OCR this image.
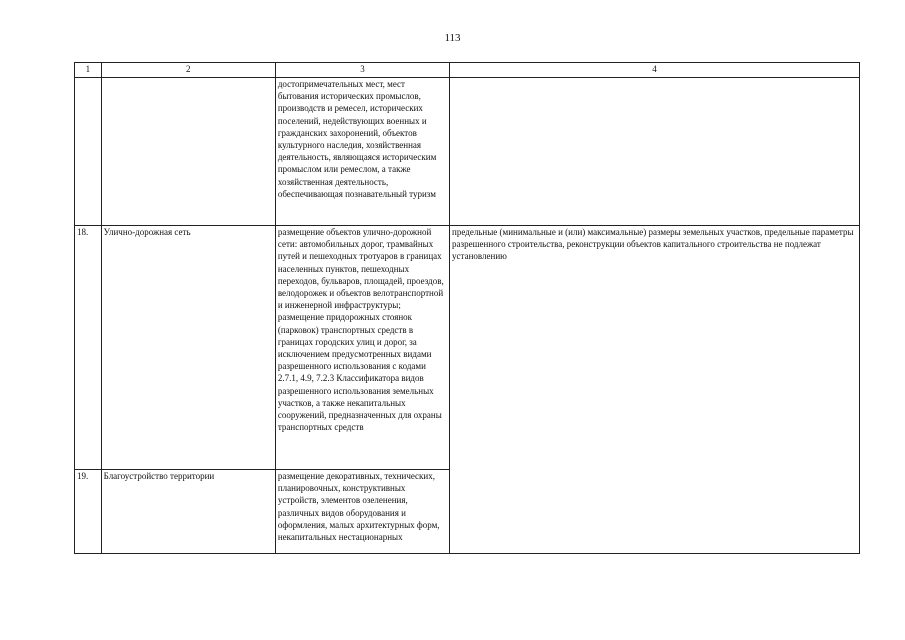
113
1	2	3	4
		достопримечательных мест, мест бытования исторических промыслов, производств и ремесел, исторических поселений, недействующих военных и гражданских захоронений, объектов культурного наследия, хозяйственная деятельность, являющаяся историческим промыслом или ремеслом, а также хозяйственная деятельность, обеспечивающая познавательный туризм	
18.	Улично-дорожная сеть	размещение объектов улично-дорожной сети: автомобильных дорог, трамвайных путей и пешеходных тротуаров в границах населенных пунктов, пешеходных переходов, бульваров, площадей, проездов, велодорожек и объектов велотранспортной и инженерной инфраструктуры; размещение придорожных стоянок (парковок) транспортных средств в границах городских улиц и дорог, за исключением предусмотренных видами разрешенного использования с кодами 2.7.1, 4.9, 7.2.3 Классификатора видов разрешенного использования земельных участков, а также некапитальных сооружений, предназначенных для охраны транспортных средств	предельные (минимальные и (или) максимальные) размеры земельных участков, предельные параметры разрешенного строительства, реконструкции объектов капитального строительства не подлежат установлению
19.	Благоустройство территории	размещение декоративных, технических, планировочных, конструктивных устройств, элементов озеленения, различных видов оборудования и оформления, малых архитектурных форм, некапитальных нестационарных	
